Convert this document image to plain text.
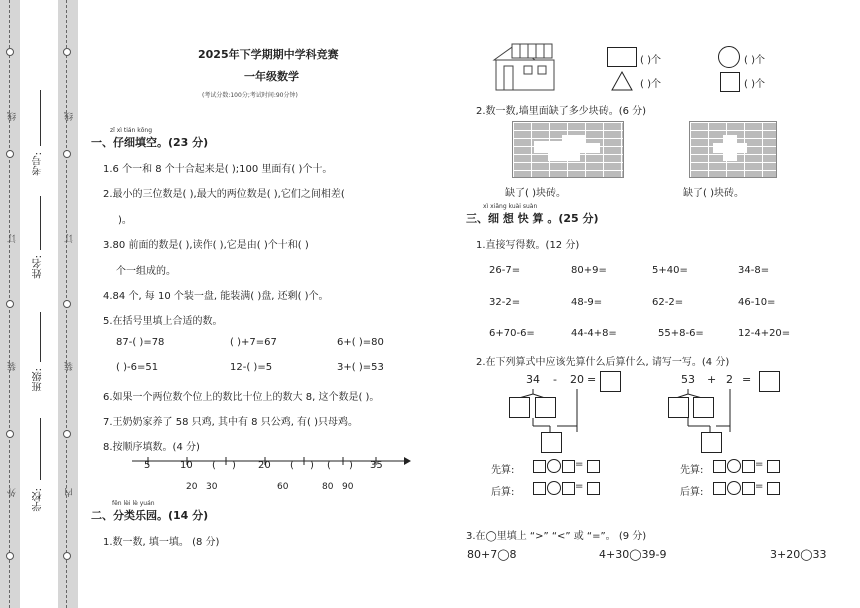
线	线
订	订
装	装
外	内
学校:
班级:
姓名:
考号:
2025年下学期期中学科竞赛
一年级数学
(考试分数:100分;考试时间:90分钟)
zǐ xì tián kōng
一、仔细填空。(23 分)
1.6 个一和 8 个十合起来是( );100 里面有( )个十。
2.最小的三位数是( ),最大的两位数是( ),它们之间相差(
)。
3.80 前面的数是( ),读作( ),它是由( )个十和( )
个一组成的。
4.84 个, 每 10 个装一盘, 能装满( )盘, 还剩( )个。
5.在括号里填上合适的数。
87-( )=78	( )+7=67	6+( )=80
( )-6=51	12-( )=5	3+( )=53
6.如果一个两位数个位上的数比十位上的数大 8, 这个数是( )。
7.王奶奶家养了 58 只鸡, 其中有 8 只公鸡, 有( )只母鸡。
8.按顺序填数。(4 分)
5	10 ( ) 20 ( ) ( ) 35
20 30	60	80 90
fēn lèi lè yuán
二、分类乐园。(14 分)
1.数一数, 填一填。 (8 分)
( )个	( )个
( )个	( )个
2.数一数,墙里面缺了多少块砖。(6 分)
缺了( )块砖。	缺了( )块砖。
xì xiǎng kuài suàn
三、细 想 快 算 。(25 分)
1.直接写得数。(12 分)
26-7=	80+9=	5+40=	34-8=
32-2=	48-9=	62-2=	46-10=
6+70-6=	44-4+8=	55+8-6=	12-4+20=
2.在下列算式中应该先算什么后算什么, 请写一写。(4 分)
34 - 20 =	53 + 2 =
先算:
=
后算:
=
先算:
=
后算:
=
3.在◯里填上 “>” “<” 或 “=”。 (9 分)
80+7◯8	4+30◯39-9	3+20◯33
